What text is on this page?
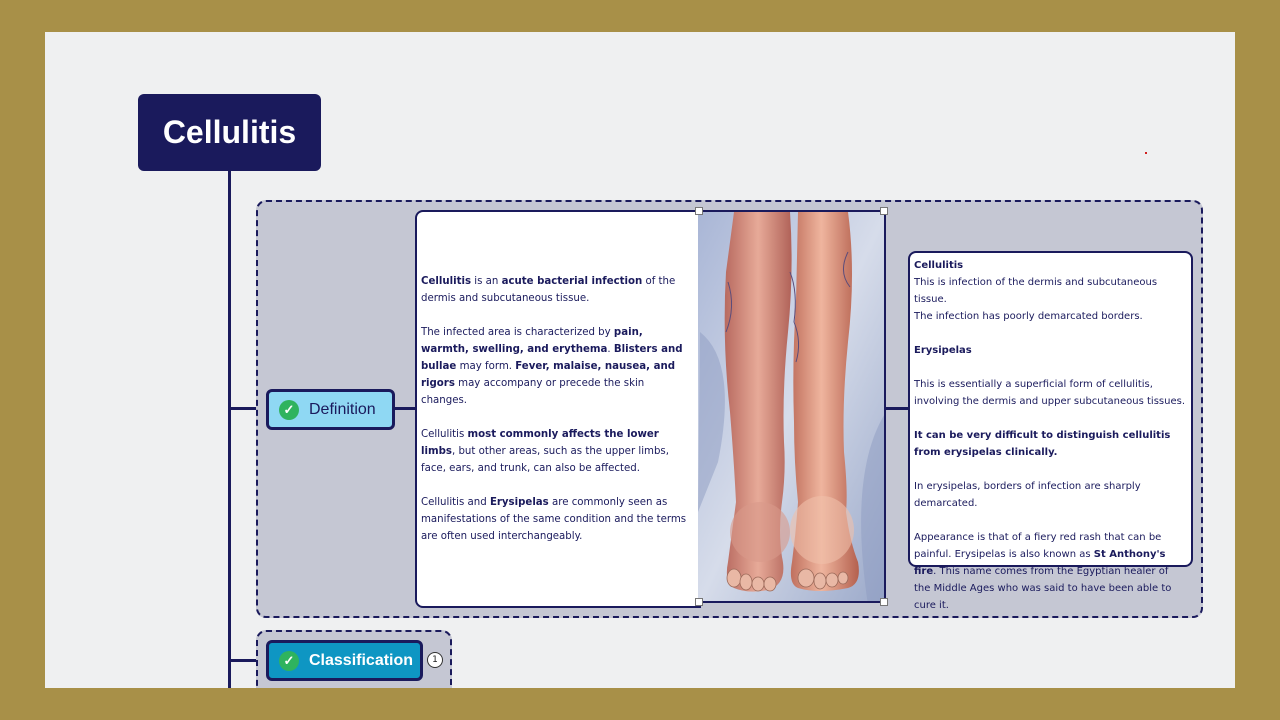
Cellulitis
✓ Definition

Cellulitis is an acute bacterial infection of the dermis and subcutaneous tissue.

The infected area is characterized by pain, warmth, swelling, and erythema. Blisters and bullae may form. Fever, malaise, nausea, and rigors may accompany or precede the skin changes.

Cellulitis most commonly affects the lower limbs, but other areas, such as the upper limbs, face, ears, and trunk, can also be affected.

Cellulitis and Erysipelas are commonly seen as manifestations of the same condition and the terms are often used interchangeably.

Cellulitis
This is infection of the dermis and subcutaneous tissue.

The infection has poorly demarcated borders.

Erysipelas

This is essentially a superficial form of cellulitis, involving the dermis and upper subcutaneous tissues.

It can be very difficult to distinguish cellulitis from erysipelas clinically.

In erysipelas, borders of infection are sharply demarcated.

Appearance is that of a fiery red rash that can be painful. Erysipelas is also known as St Anthony's fire. This name comes from the Egyptian healer of the Middle Ages who was said to have been able to cure it.

✓ Classification	1
